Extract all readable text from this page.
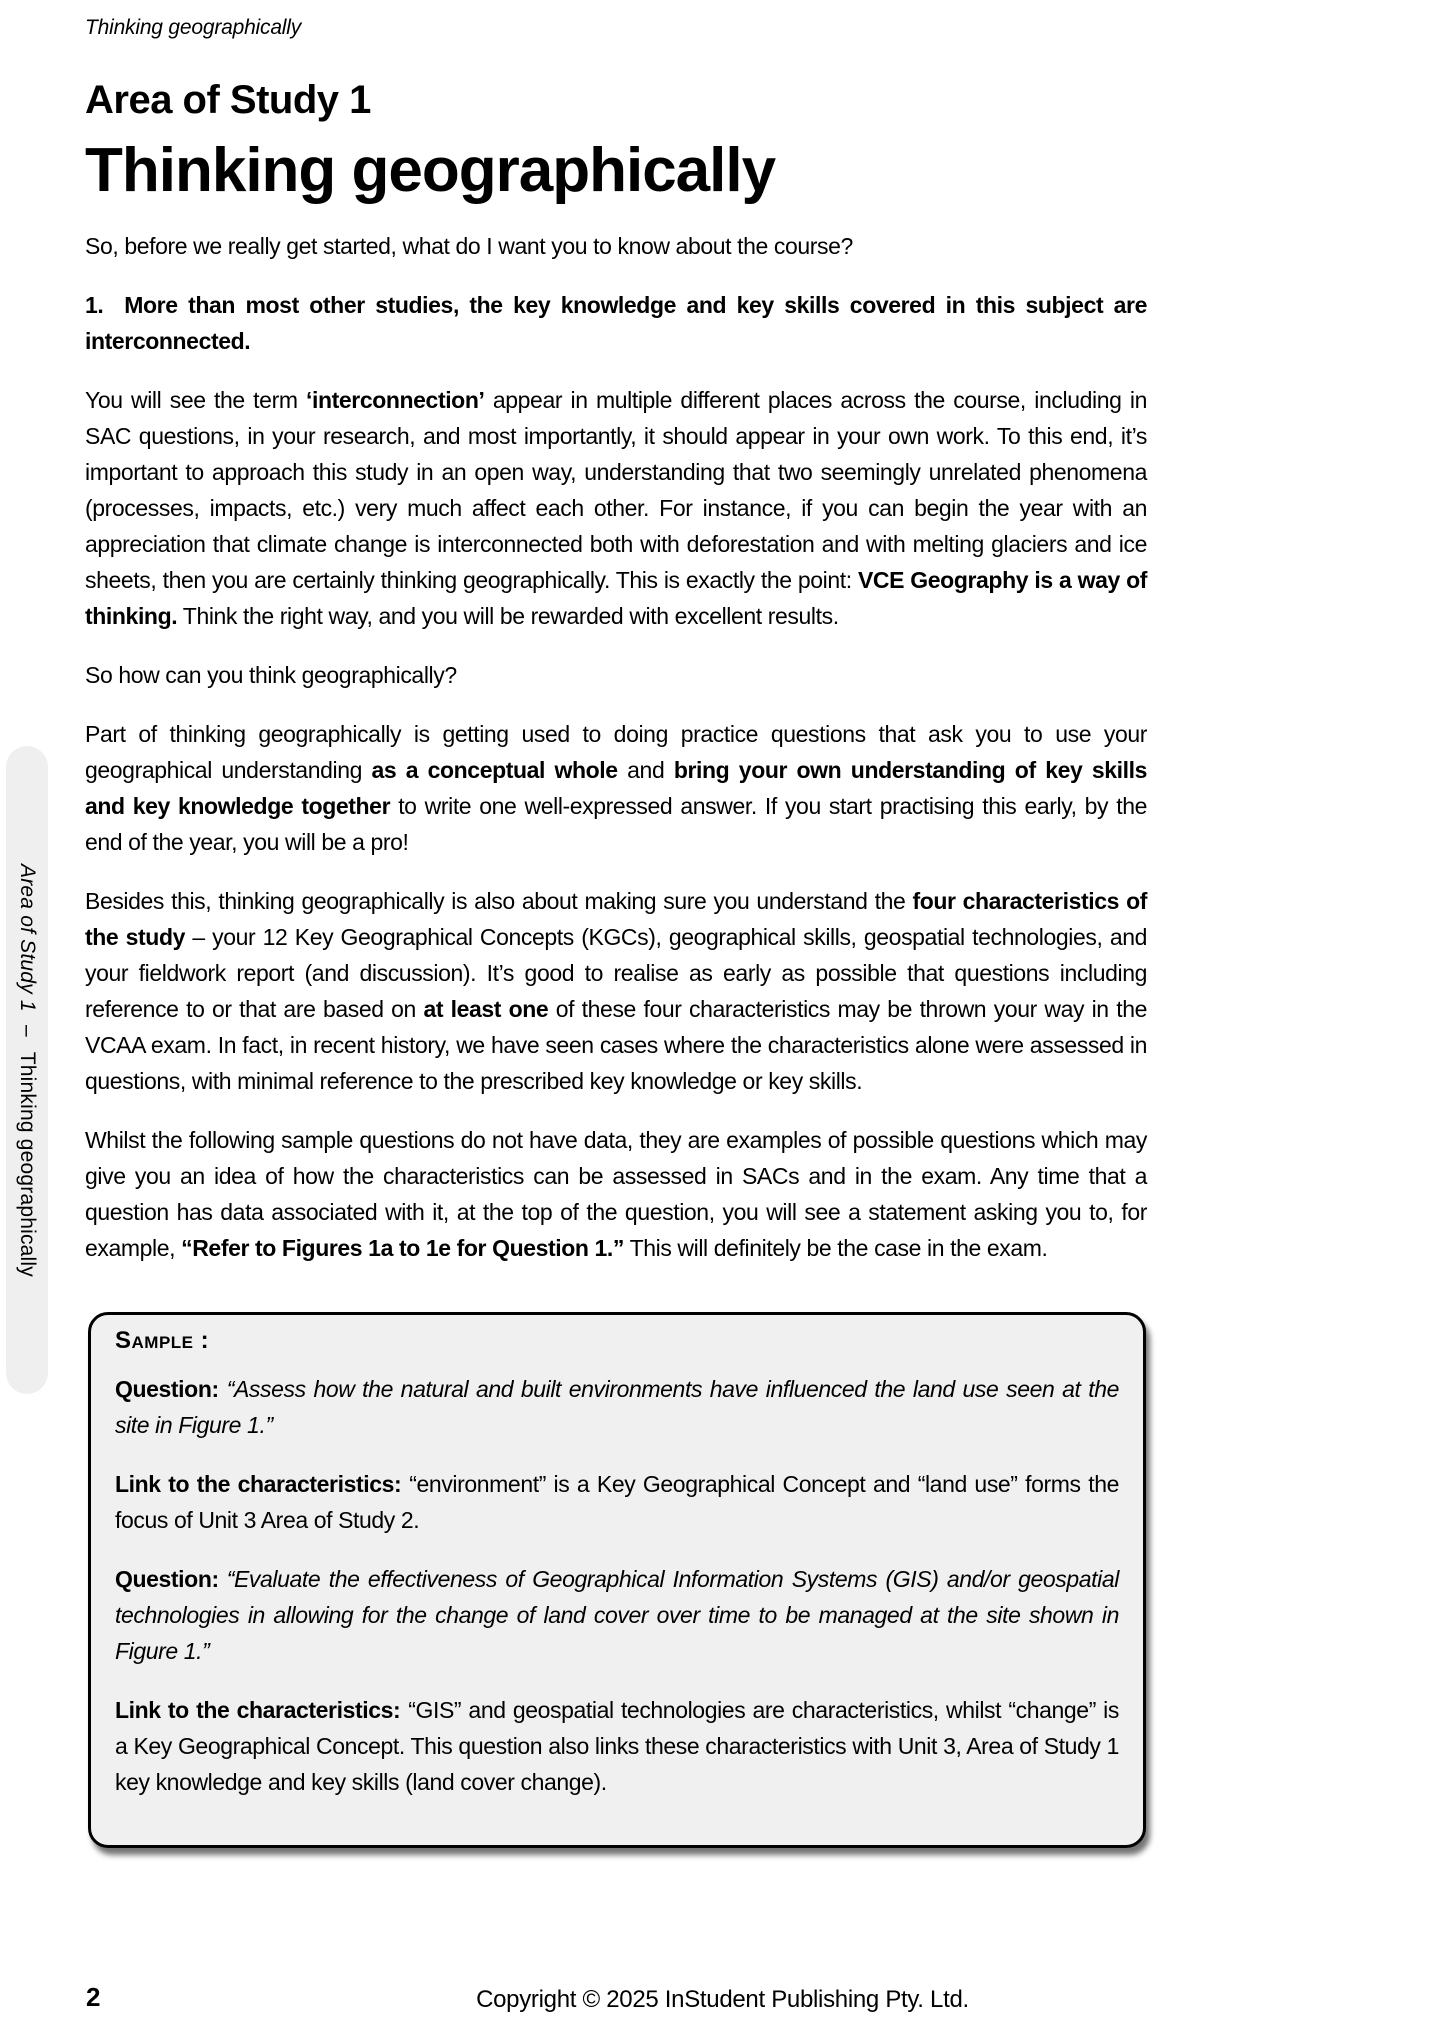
Area of Study 1 – Thinking geographically
Thinking geographically
Area of Study 1
Thinking geographically

So, before we really get started, what do I want you to know about the course?

1.  More than most other studies, the key knowledge and key skills covered in this subject are interconnected.

You will see the term ‘interconnection’ appear in multiple different places across the course, including in SAC questions, in your research, and most importantly, it should appear in your own work. To this end, it’s important to approach this study in an open way, understanding that two seemingly unrelated phenomena (processes, impacts, etc.) very much affect each other. For instance, if you can begin the year with an appreciation that climate change is interconnected both with deforestation and with melting glaciers and ice sheets, then you are certainly thinking geographically. This is exactly the point: VCE Geography is a way of thinking. Think the right way, and you will be rewarded with excellent results.

So how can you think geographically?

Part of thinking geographically is getting used to doing practice questions that ask you to use your geographical understanding as a conceptual whole and bring your own understanding of key skills and key knowledge together to write one well-expressed answer. If you start practising this early, by the end of the year, you will be a pro!

Besides this, thinking geographically is also about making sure you understand the four characteristics of the study – your 12 Key Geographical Concepts (KGCs), geographical skills, geospatial technologies, and your fieldwork report (and discussion). It’s good to realise as early as possible that questions including reference to or that are based on at least one of these four characteristics may be thrown your way in the VCAA exam. In fact, in recent history, we have seen cases where the characteristics alone were assessed in questions, with minimal reference to the prescribed key knowledge or key skills.

Whilst the following sample questions do not have data, they are examples of possible questions which may give you an idea of how the characteristics can be assessed in SACs and in the exam. Any time that a question has data associated with it, at the top of the question, you will see a statement asking you to, for example, “Refer to Figures 1a to 1e for Question 1.” This will definitely be the case in the exam.

Sample :

Question: “Assess how the natural and built environments have influenced the land use seen at the site in Figure 1.”

Link to the characteristics: “environment” is a Key Geographical Concept and “land use” forms the focus of Unit 3 Area of Study 2.

Question: “Evaluate the effectiveness of Geographical Information Systems (GIS) and/or geospatial technologies in allowing for the change of land cover over time to be managed at the site shown in Figure 1.”

Link to the characteristics: “GIS” and geospatial technologies are characteristics, whilst “change” is a Key Geographical Concept. This question also links these characteristics with Unit 3, Area of Study 1 key knowledge and key skills (land cover change).

2	Copyright © 2025 InStudent Publishing Pty. Ltd.
